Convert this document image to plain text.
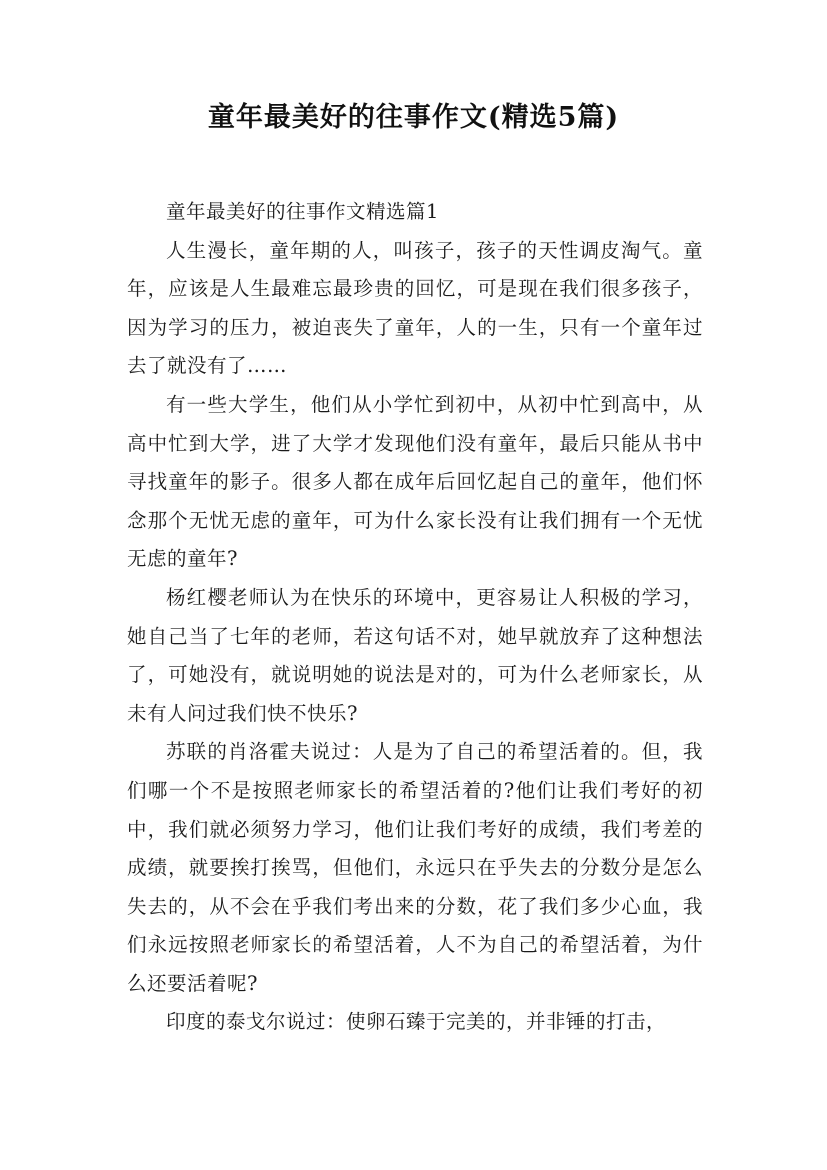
童年最美好的往事作文(精选5篇)

童年最美好的往事作文精选篇1

人生漫长，童年期的人，叫孩子，孩子的天性调皮淘气。童年，应该是人生最难忘最珍贵的回忆，可是现在我们很多孩子，因为学习的压力，被迫丧失了童年，人的一生，只有一个童年过去了就没有了……

有一些大学生，他们从小学忙到初中，从初中忙到高中，从高中忙到大学，进了大学才发现他们没有童年，最后只能从书中寻找童年的影子。很多人都在成年后回忆起自己的童年，他们怀念那个无忧无虑的童年，可为什么家长没有让我们拥有一个无忧无虑的童年?

杨红樱老师认为在快乐的环境中，更容易让人积极的学习，她自己当了七年的老师，若这句话不对，她早就放弃了这种想法了，可她没有，就说明她的说法是对的，可为什么老师家长，从未有人问过我们快不快乐?

苏联的肖洛霍夫说过：人是为了自己的希望活着的。但，我们哪一个不是按照老师家长的希望活着的?他们让我们考好的初中，我们就必须努力学习，他们让我们考好的成绩，我们考差的成绩，就要挨打挨骂，但他们，永远只在乎失去的分数分是怎么失去的，从不会在乎我们考出来的分数，花了我们多少心血，我们永远按照老师家长的希望活着，人不为自己的希望活着，为什么还要活着呢?

印度的泰戈尔说过：使卵石臻于完美的，并非锤的打击，
